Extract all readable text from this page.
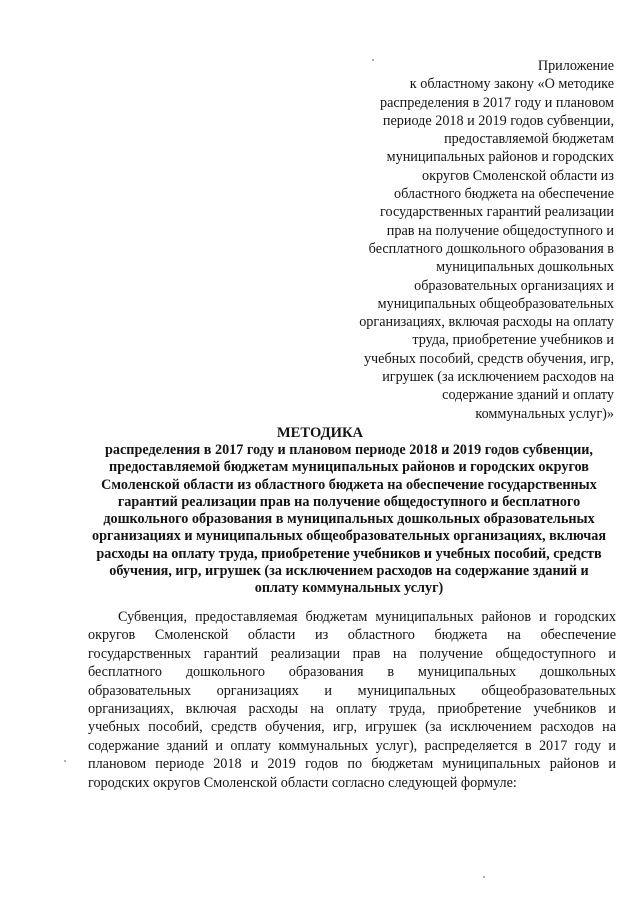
Приложение
к областному закону «О методике
распределения в 2017 году и плановом
периоде 2018 и 2019 годов субвенции,
предоставляемой бюджетам
муниципальных районов и городских
округов Смоленской области из
областного бюджета на обеспечение
государственных гарантий реализации
прав на получение общедоступного и
бесплатного дошкольного образования в
муниципальных дошкольных
образовательных организациях и
муниципальных общеобразовательных
организациях, включая расходы на оплату
труда, приобретение учебников и
учебных пособий, средств обучения, игр,
игрушек (за исключением расходов на
содержание зданий и оплату
коммунальных услуг)»
МЕТОДИКА
распределения в 2017 году и плановом периоде 2018 и 2019 годов субвенции,
предоставляемой бюджетам муниципальных районов и городских округов
Смоленской области из областного бюджета на обеспечение государственных
гарантий реализации прав на получение общедоступного и бесплатного
дошкольного образования в муниципальных дошкольных образовательных
организациях и муниципальных общеобразовательных организациях, включая
расходы на оплату труда, приобретение учебников и учебных пособий, средств
обучения, игр, игрушек (за исключением расходов на содержание зданий и
оплату коммунальных услуг)
Субвенция, предоставляемая бюджетам муниципальных районов и городских
округов Смоленской области из областного бюджета на обеспечение
государственных гарантий реализации прав на получение общедоступного и
бесплатного дошкольного образования в муниципальных дошкольных
образовательных организациях и муниципальных общеобразовательных
организациях, включая расходы на оплату труда, приобретение учебников и
учебных пособий, средств обучения, игр, игрушек (за исключением расходов на
содержание зданий и оплату коммунальных услуг), распределяется в 2017 году и
плановом периоде 2018 и 2019 годов по бюджетам муниципальных районов и
городских округов Смоленской области согласно следующей формуле:
